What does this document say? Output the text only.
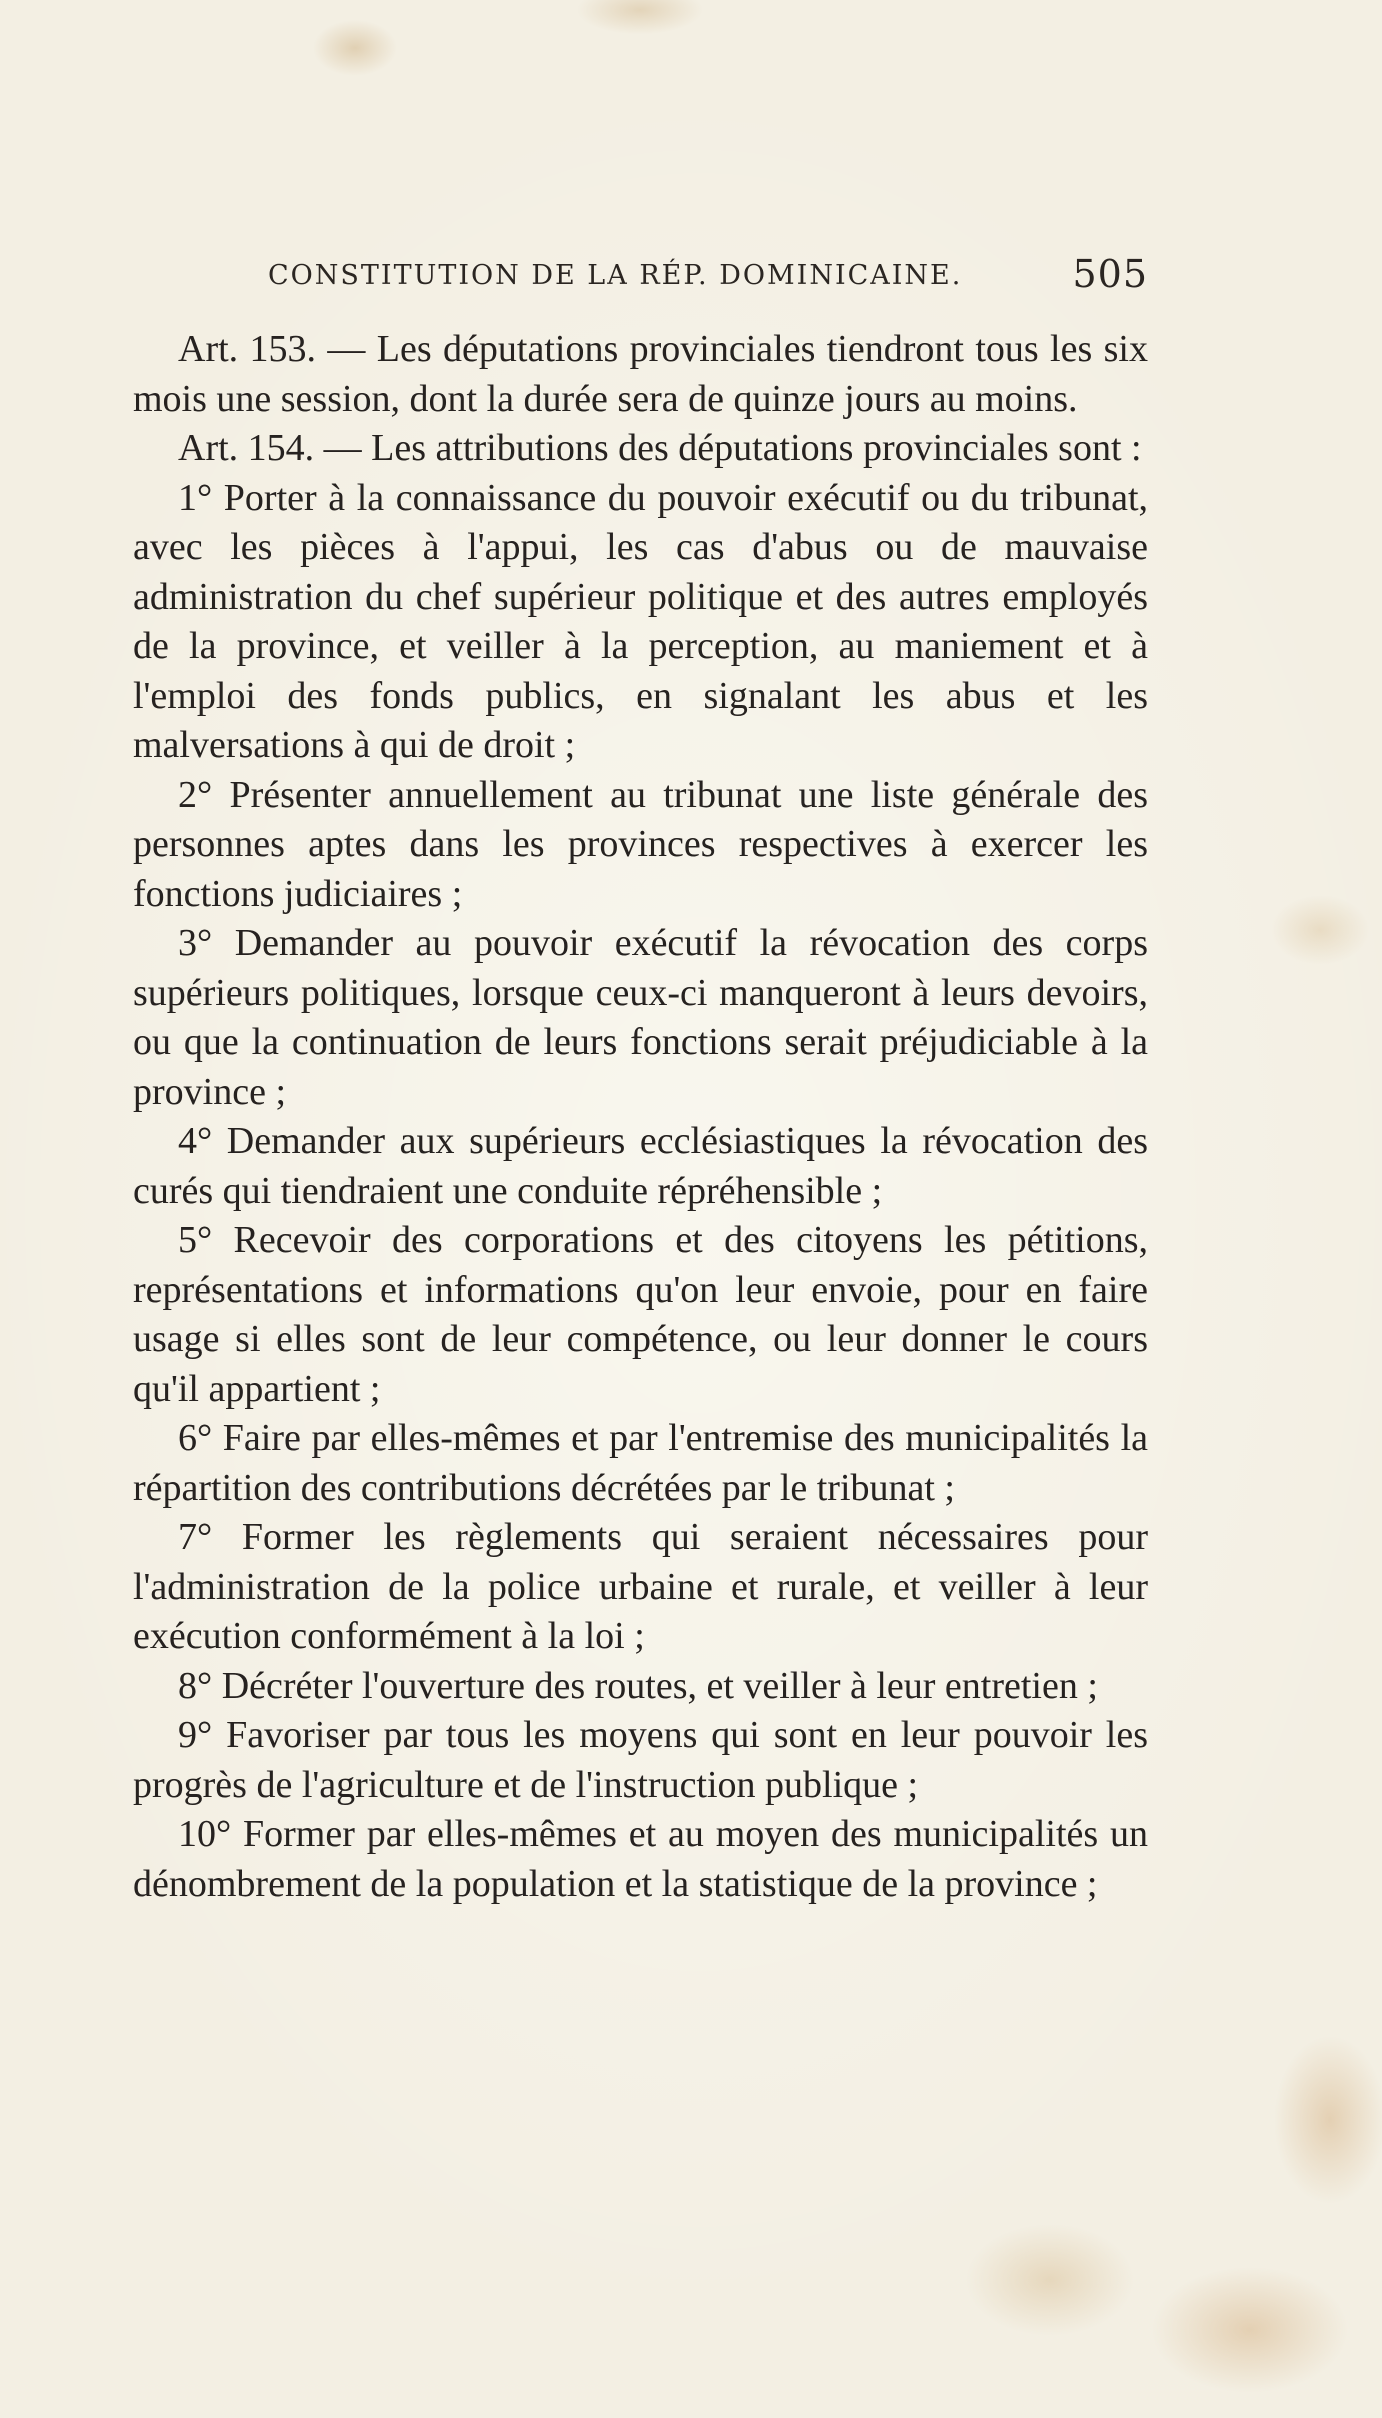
CONSTITUTION DE LA RÉP. DOMINICAINE.	505

Art. 153. — Les députations provinciales tiendront tous les six mois une session, dont la durée sera de quinze jours au moins.

Art. 154. — Les attributions des députations provinciales sont :

1° Porter à la connaissance du pouvoir exécutif ou du tribunat, avec les pièces à l'appui, les cas d'abus ou de mauvaise administration du chef supérieur politique et des autres employés de la province, et veiller à la perception, au maniement et à l'emploi des fonds publics, en signalant les abus et les malversations à qui de droit ;

2° Présenter annuellement au tribunat une liste générale des personnes aptes dans les provinces respectives à exercer les fonctions judiciaires ;

3° Demander au pouvoir exécutif la révocation des corps supérieurs politiques, lorsque ceux-ci manqueront à leurs devoirs, ou que la continuation de leurs fonctions serait préjudiciable à la province ;

4° Demander aux supérieurs ecclésiastiques la révocation des curés qui tiendraient une conduite répréhensible ;

5° Recevoir des corporations et des citoyens les pétitions, représentations et informations qu'on leur envoie, pour en faire usage si elles sont de leur compétence, ou leur donner le cours qu'il appartient ;

6° Faire par elles-mêmes et par l'entremise des municipalités la répartition des contributions décrétées par le tribunat ;

7° Former les règlements qui seraient nécessaires pour l'administration de la police urbaine et rurale, et veiller à leur exécution conformément à la loi ;

8° Décréter l'ouverture des routes, et veiller à leur entretien ;

9° Favoriser par tous les moyens qui sont en leur pouvoir les progrès de l'agriculture et de l'instruction publique ;

10° Former par elles-mêmes et au moyen des municipalités un dénombrement de la population et la statistique de la province ;
